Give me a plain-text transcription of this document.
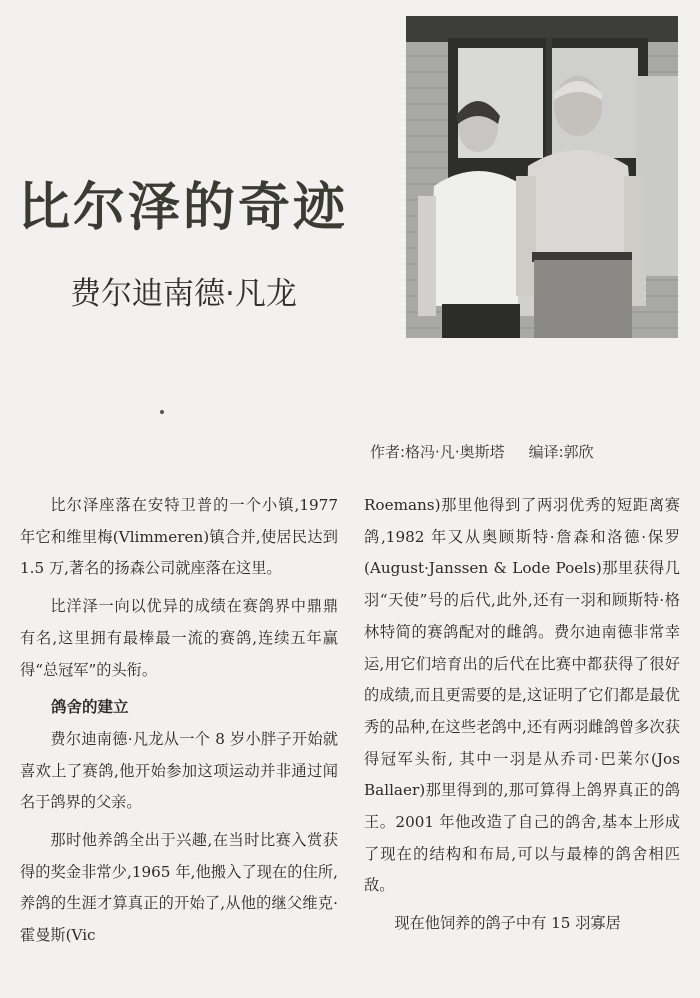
比尔泽的奇迹
费尔迪南德·凡龙
作者:格冯·凡·奥斯塔 编译:郭欣

比尔泽座落在安特卫普的一个小镇,1977 年它和维里梅(Vlimmeren)镇合并,使居民达到 1.5 万,著名的扬森公司就座落在这里。

比洋泽一向以优异的成绩在赛鸽界中鼎鼎有名,这里拥有最棒最一流的赛鸽,连续五年赢得“总冠军”的头衔。

鸽舍的建立

费尔迪南德·凡龙从一个 8 岁小胖子开始就喜欢上了赛鸽,他开始参加这项运动并非通过闻名于鸽界的父亲。

那时他养鸽全出于兴趣,在当时比赛入赏获得的奖金非常少,1965 年,他搬入了现在的住所,养鸽的生涯才算真正的开始了,从他的继父维克·霍曼斯(Vic

Roemans)那里他得到了两羽优秀的短距离赛鸽,1982 年又从奥顾斯特·詹森和洛德·保罗(August·Janssen & Lode Poels)那里获得几羽“天使”号的后代,此外,还有一羽和顾斯特·格林特简的赛鸽配对的雌鸽。费尔迪南德非常幸运,用它们培育出的后代在比赛中都获得了很好的成绩,而且更需要的是,这证明了它们都是最优秀的品种,在这些老鸽中,还有两羽雌鸽曾多次获得冠军头衔, 其中一羽是从乔司·巴莱尔(Jos Ballaer)那里得到的,那可算得上鸽界真正的鸽王。2001 年他改造了自己的鸽舍,基本上形成了现在的结构和布局,可以与最棒的鸽舍相匹敌。

现在他饲养的鸽子中有 15 羽寡居
